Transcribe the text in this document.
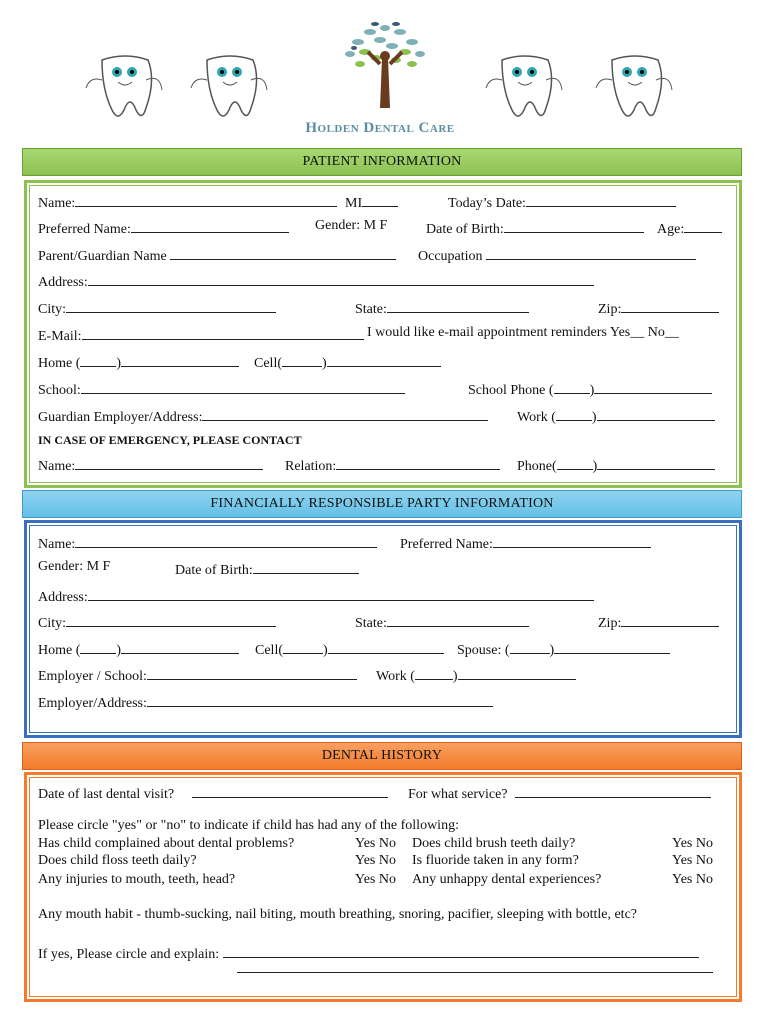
Holden Dental Care
PATIENT INFORMATION
Name:	MI	Today’s Date:
Preferred Name:	Gender: M F	Date of Birth:	Age:
Parent/Guardian Name	Occupation
Address:
City:	State:	Zip:
E-Mail:	I would like e-mail appointment reminders Yes__ No__
Home (	)	Cell(	)
School:	School Phone (	)
Guardian Employer/Address:	Work (	)
IN CASE OF EMERGENCY, PLEASE CONTACT
Name:	Relation:	Phone(	)
FINANCIALLY RESPONSIBLE PARTY INFORMATION
Name:	Preferred Name:
Gender: M F	Date of Birth:
Address:
City:	State:	Zip:
Home (	)	Cell(	)	Spouse: (	)
Employer / School:	Work (	)
Employer/Address:
DENTAL HISTORY
Date of last dental visit?	For what service?
Please circle "yes" or "no" to indicate if child has had any of the following:
Has child complained about dental problems?	Yes No Does child brush teeth daily?	Yes No
Does child floss teeth daily?	Yes No Is fluoride taken in any form?	Yes No
Any injuries to mouth, teeth, head?	Yes No Any unhappy dental experiences?	Yes No
Any mouth habit - thumb-sucking, nail biting, mouth breathing, snoring, pacifier, sleeping with bottle, etc?
If yes, Please circle and explain:
